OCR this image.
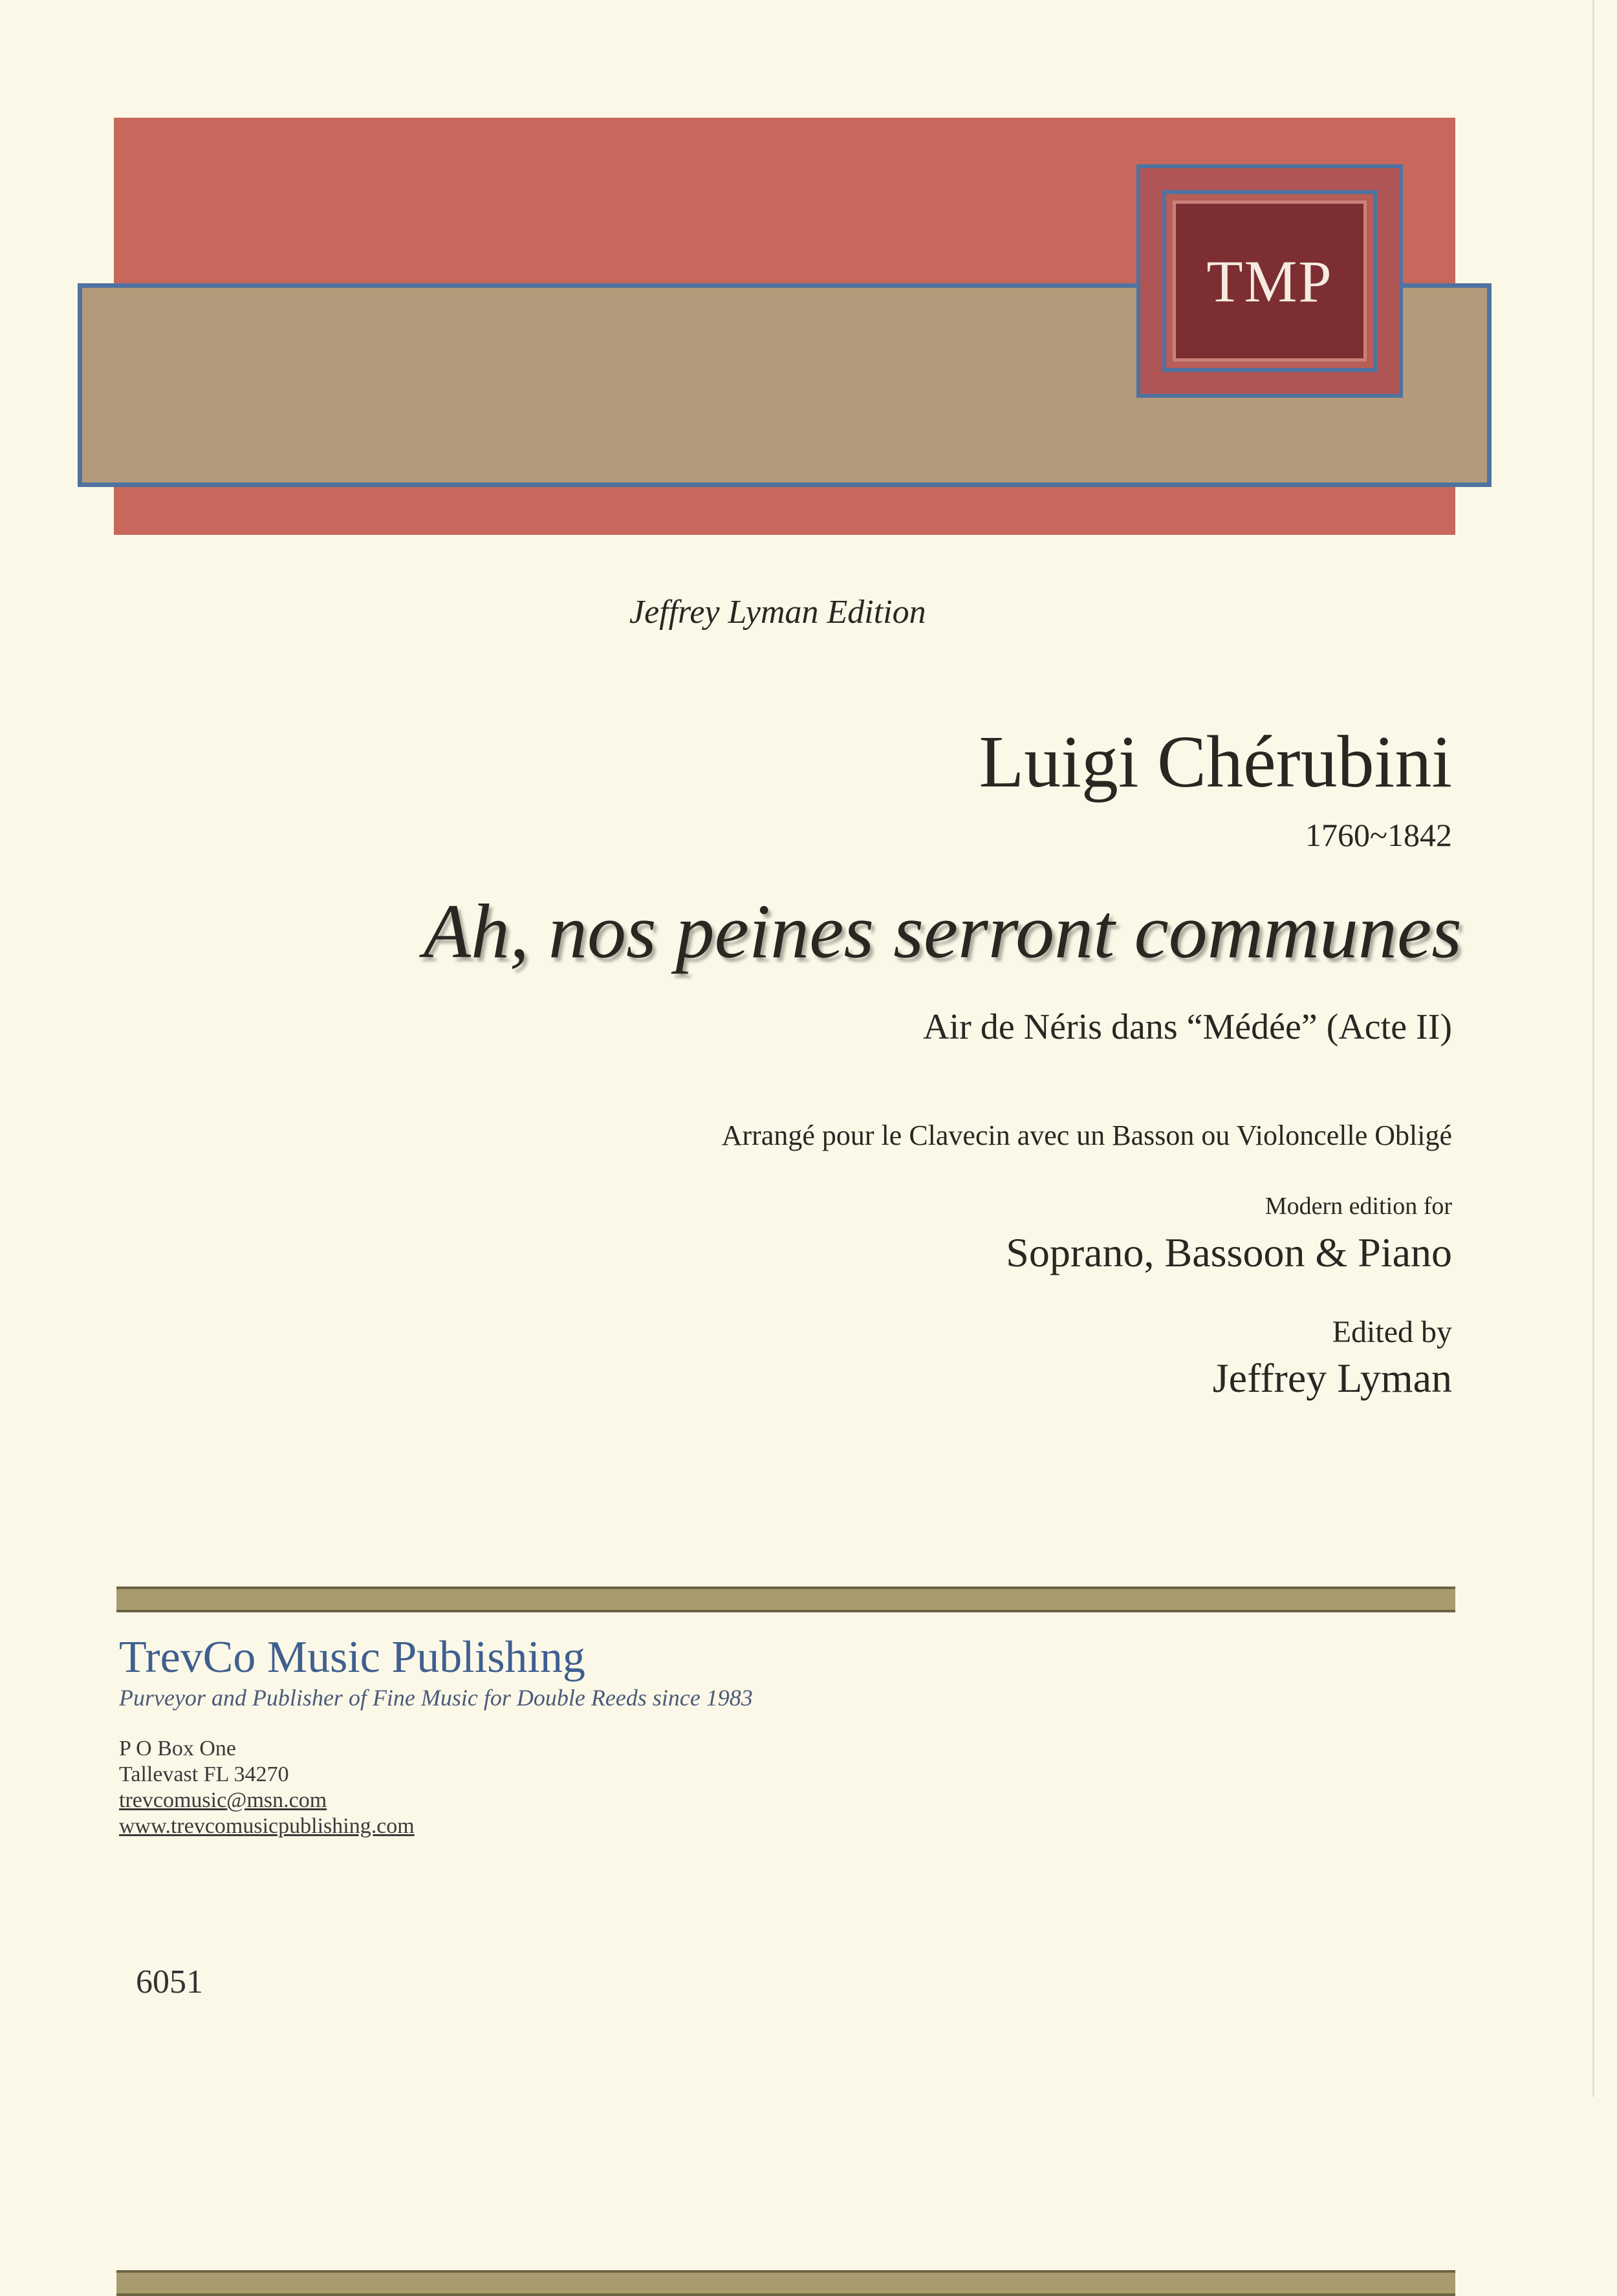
TMP
Jeffrey Lyman Edition
Luigi Chérubini
1760~1842
Ah, nos peines serront communes
Air de Néris dans “Médée” (Acte II)
Arrangé pour le Clavecin avec un Basson ou Violoncelle Obligé
Modern edition for
Soprano, Bassoon & Piano
Edited by
Jeffrey Lyman
TrevCo Music Publishing
Purveyor and Publisher of Fine Music for Double Reeds since 1983
P O Box One
Tallevast FL 34270
trevcomusic@msn.com
www.trevcomusicpublishing.com
6051
